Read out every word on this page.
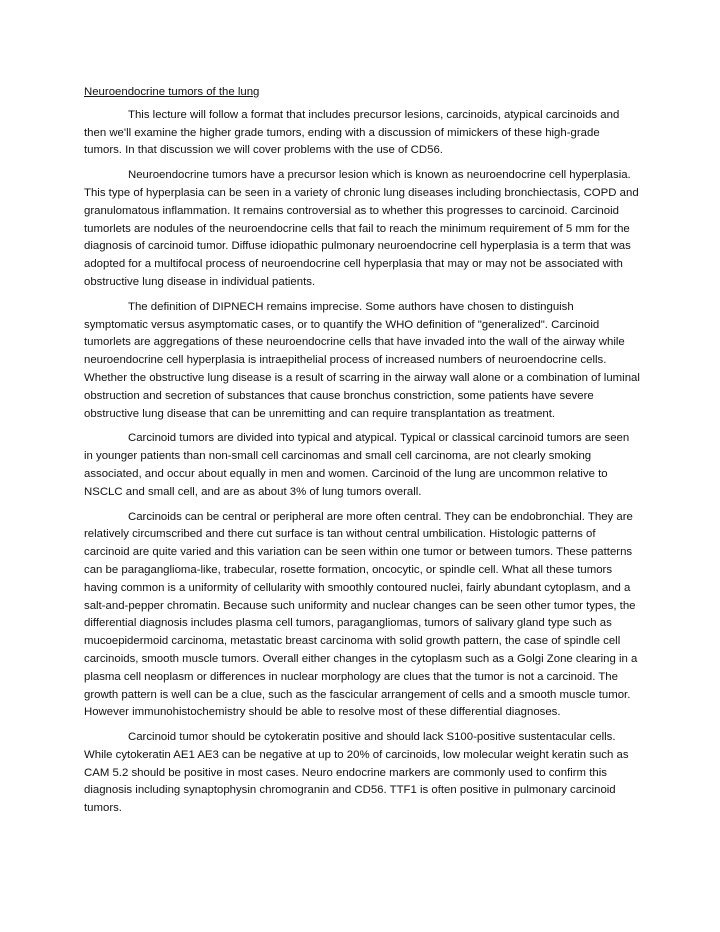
Neuroendocrine tumors of the lung

This lecture will follow a format that includes precursor lesions, carcinoids, atypical carcinoids and then we'll examine the higher grade tumors, ending with a discussion of mimickers of these high-grade tumors. In that discussion we will cover problems with the use of CD56.

Neuroendocrine tumors have a precursor lesion which is known as neuroendocrine cell hyperplasia. This type of hyperplasia can be seen in a variety of chronic lung diseases including bronchiectasis, COPD and granulomatous inflammation. It remains controversial as to whether this progresses to carcinoid. Carcinoid tumorlets are nodules of the neuroendocrine cells that fail to reach the minimum requirement of 5 mm for the diagnosis of carcinoid tumor. Diffuse idiopathic pulmonary neuroendocrine cell hyperplasia is a term that was adopted for a multifocal process of neuroendocrine cell hyperplasia that may or may not be associated with obstructive lung disease in individual patients.

The definition of DIPNECH remains imprecise. Some authors have chosen to distinguish symptomatic versus asymptomatic cases, or to quantify the WHO definition of "generalized". Carcinoid tumorlets are aggregations of these neuroendocrine cells that have invaded into the wall of the airway while neuroendocrine cell hyperplasia is intraepithelial process of increased numbers of neuroendocrine cells. Whether the obstructive lung disease is a result of scarring in the airway wall alone or a combination of luminal obstruction and secretion of substances that cause bronchus constriction, some patients have severe obstructive lung disease that can be unremitting and can require transplantation as treatment.

Carcinoid tumors are divided into typical and atypical. Typical or classical carcinoid tumors are seen in younger patients than non-small cell carcinomas and small cell carcinoma, are not clearly smoking associated, and occur about equally in men and women. Carcinoid of the lung are uncommon relative to NSCLC and small cell, and are as about 3% of lung tumors overall.

Carcinoids can be central or peripheral are more often central. They can be endobronchial. They are relatively circumscribed and there cut surface is tan without central umbilication. Histologic patterns of carcinoid are quite varied and this variation can be seen within one tumor or between tumors. These patterns can be paraganglioma-like, trabecular, rosette formation, oncocytic, or spindle cell. What all these tumors having common is a uniformity of cellularity with smoothly contoured nuclei, fairly abundant cytoplasm, and a salt-and-pepper chromatin. Because such uniformity and nuclear changes can be seen other tumor types, the differential diagnosis includes plasma cell tumors, paragangliomas, tumors of salivary gland type such as mucoepidermoid carcinoma, metastatic breast carcinoma with solid growth pattern, the case of spindle cell carcinoids, smooth muscle tumors. Overall either changes in the cytoplasm such as a Golgi Zone clearing in a plasma cell neoplasm or differences in nuclear morphology are clues that the tumor is not a carcinoid. The growth pattern is well can be a clue, such as the fascicular arrangement of cells and a smooth muscle tumor. However immunohistochemistry should be able to resolve most of these differential diagnoses.

Carcinoid tumor should be cytokeratin positive and should lack S100-positive sustentacular cells. While cytokeratin AE1 AE3 can be negative at up to 20% of carcinoids, low molecular weight keratin such as CAM 5.2 should be positive in most cases. Neuro endocrine markers are commonly used to confirm this diagnosis including synaptophysin chromogranin and CD56. TTF1 is often positive in pulmonary carcinoid tumors.
